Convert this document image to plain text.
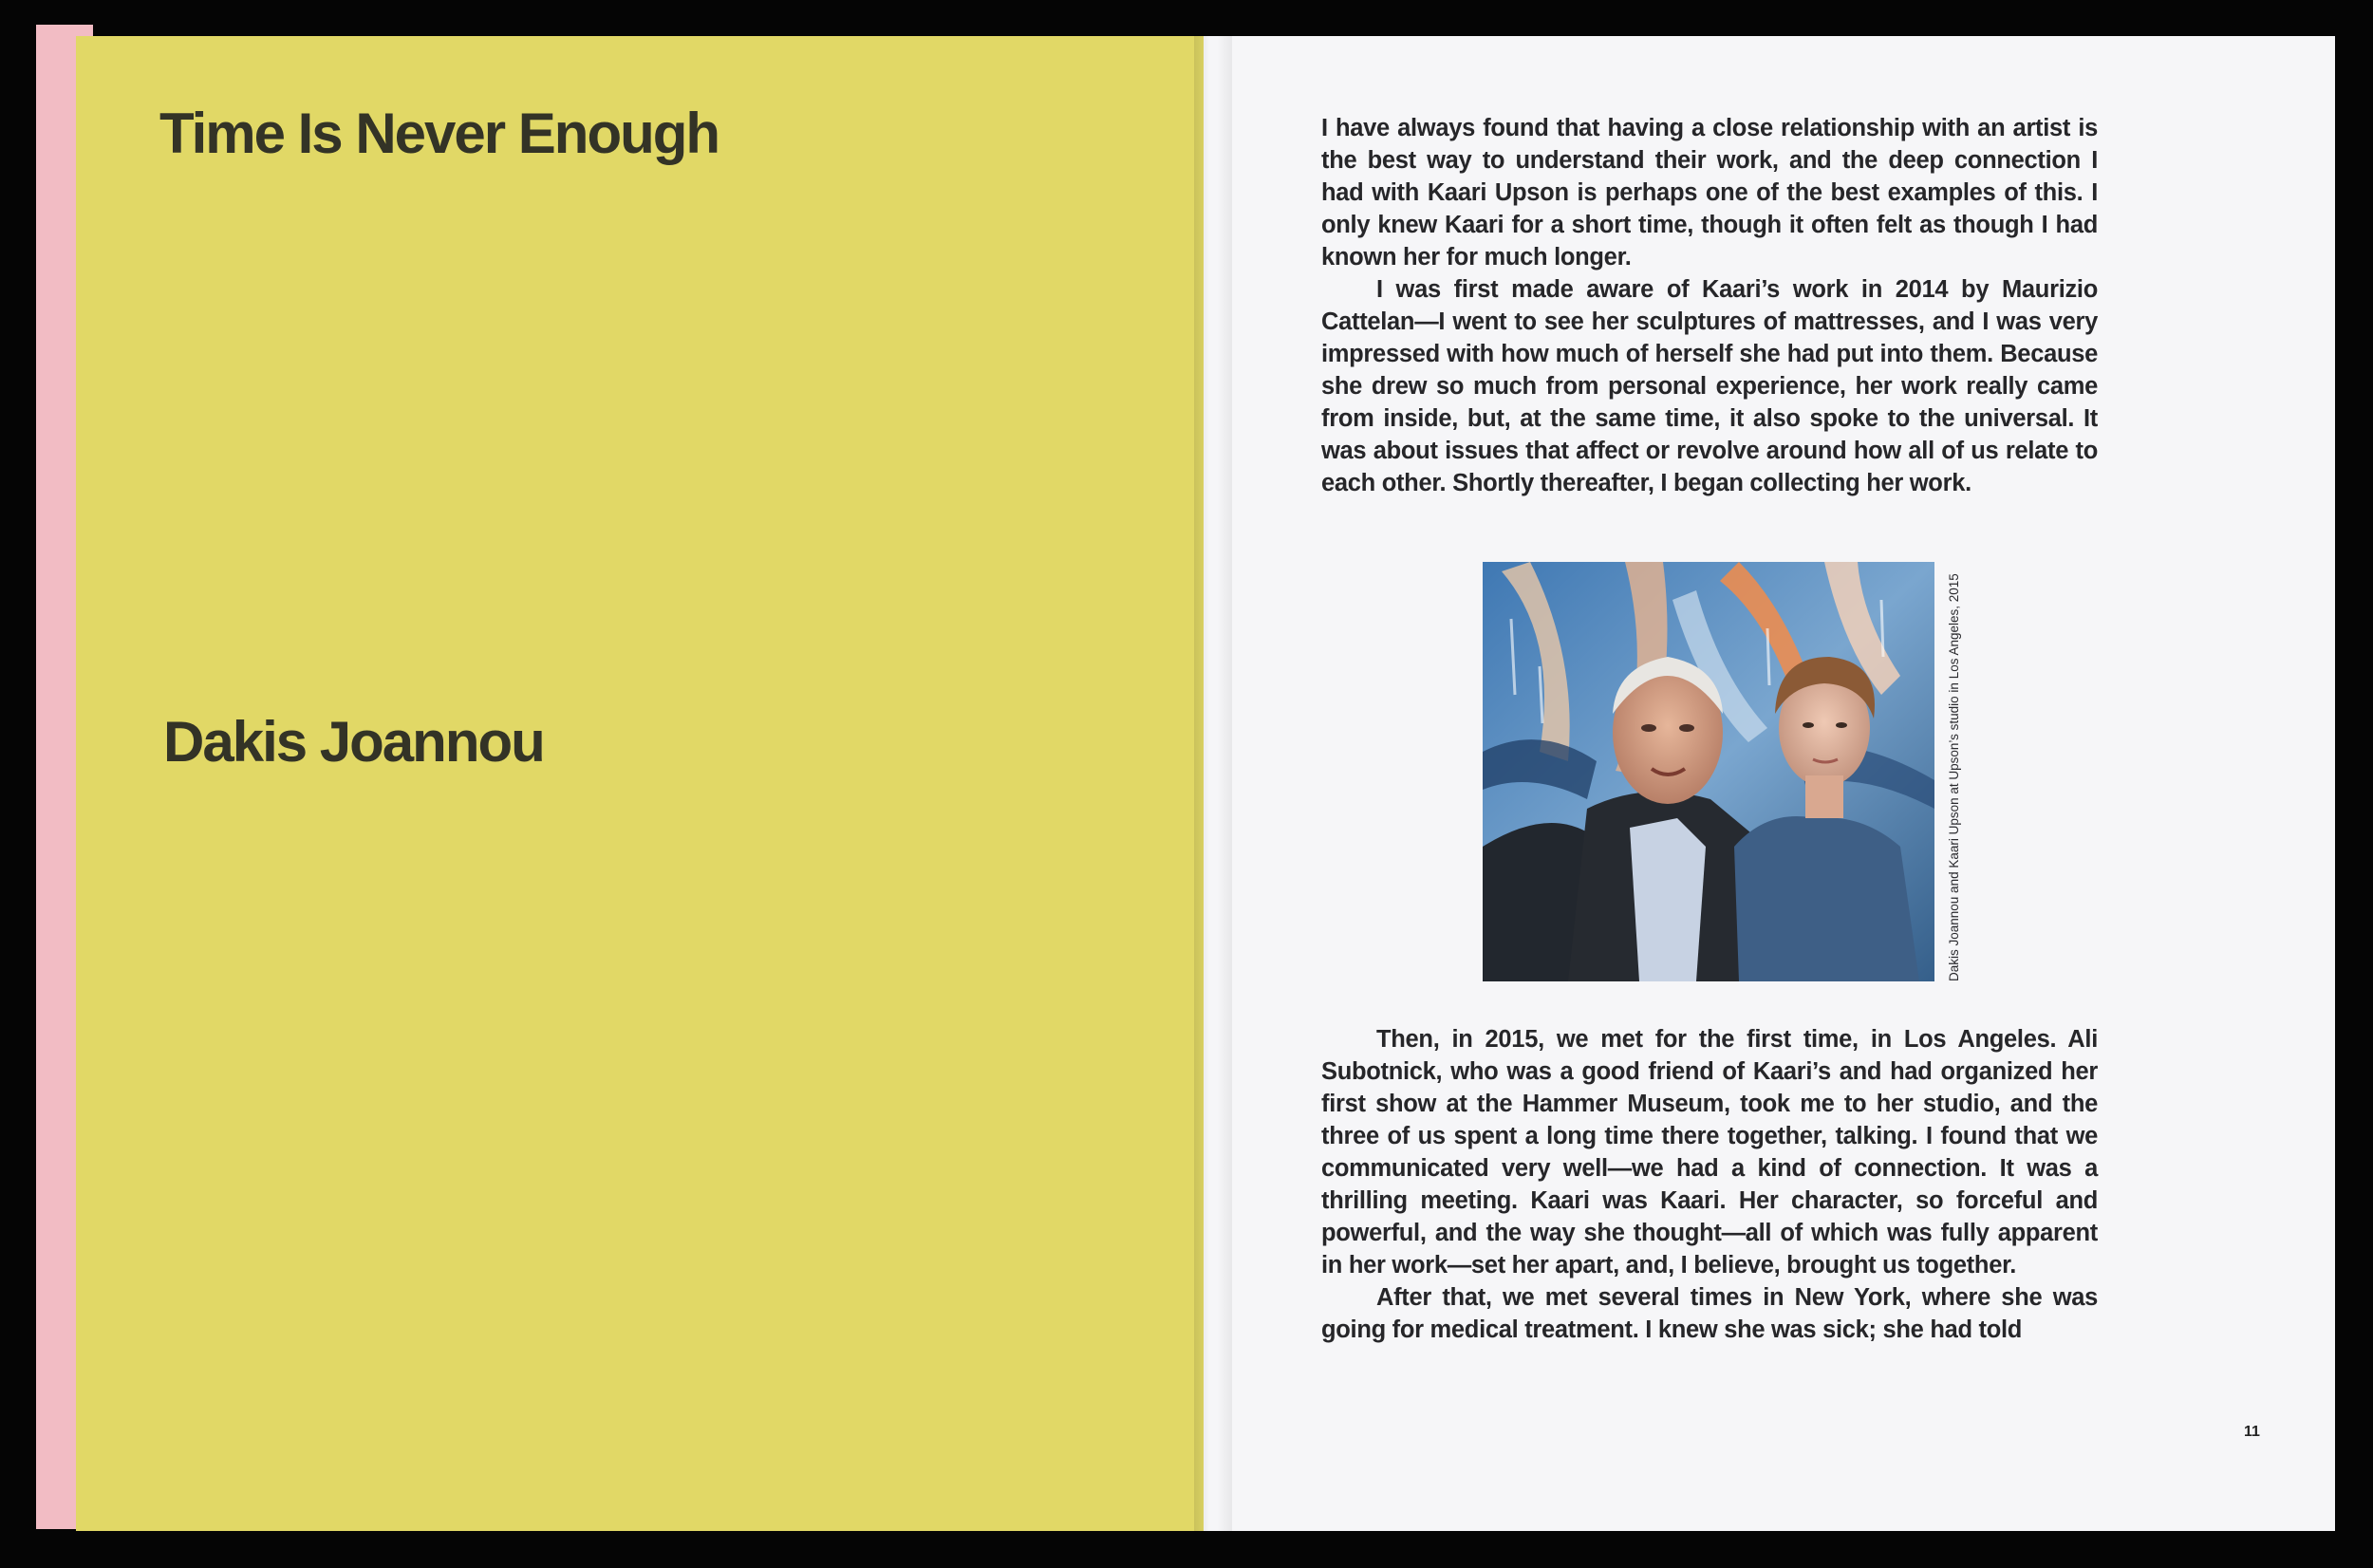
Time Is Never Enough
Dakis Joannou

I have always found that having a close relationship with an artist is the best way to understand their work, and the deep connection I had with Kaari Upson is perhaps one of the best examples of this. I only knew Kaari for a short time, though it often felt as though I had known her for much longer.

I was first made aware of Kaari’s work in 2014 by Maurizio Cattelan—I went to see her sculptures of mattresses, and I was very impressed with how much of herself she had put into them. Because she drew so much from personal experience, her work really came from inside, but, at the same time, it also spoke to the universal. It was about issues that affect or revolve around how all of us relate to each other. Shortly thereafter, I began collecting her work.

Dakis Joannou and Kaari Upson at Upson’s studio in Los Angeles, 2015

Then, in 2015, we met for the first time, in Los Angeles. Ali Subotnick, who was a good friend of Kaari’s and had organized her first show at the Hammer Museum, took me to her studio, and the three of us spent a long time there together, talking. I found that we communicated very well—we had a kind of connection. It was a thrilling meeting. Kaari was Kaari. Her character, so forceful and powerful, and the way she thought—all of which was fully apparent in her work—set her apart, and, I believe, brought us together.

After that, we met several times in New York, where she was going for medical treatment. I knew she was sick; she had told

11
